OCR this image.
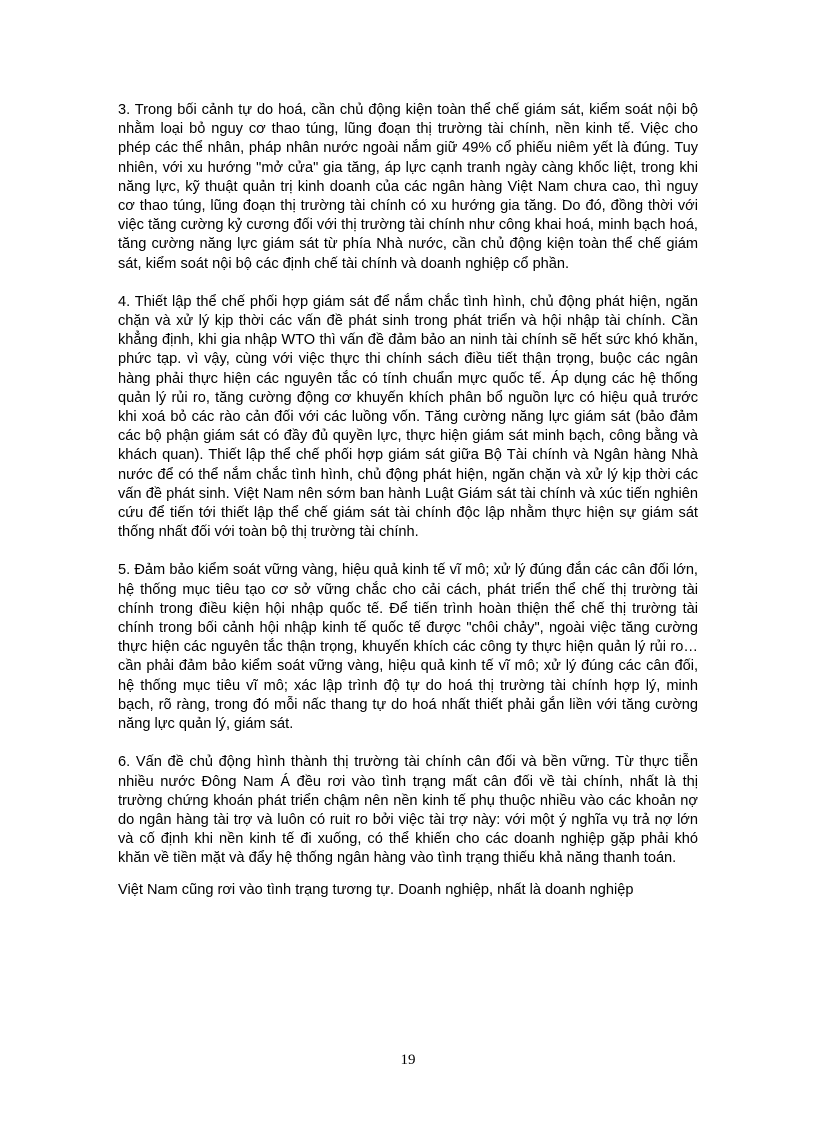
3. Trong bối cảnh tự do hoá, cần chủ động kiện toàn thể chế giám sát, kiểm soát nội bộ nhằm loại bỏ nguy cơ thao túng, lũng đoạn thị trường tài chính, nền kinh tế. Việc cho phép các thể nhân, pháp nhân nước ngoài nắm giữ 49% cổ phiếu niêm yết là đúng. Tuy nhiên, với xu hướng "mở cửa" gia tăng, áp lực cạnh tranh ngày càng khốc liệt, trong khi năng lực, kỹ thuật quản trị kinh doanh của các ngân hàng Việt Nam chưa cao, thì nguy cơ thao túng, lũng đoạn thị trường tài chính có xu hướng gia tăng. Do đó, đồng thời với việc tăng cường kỷ cương đối với thị trường tài chính như công khai hoá, minh bạch hoá, tăng cường năng lực giám sát từ phía Nhà nước, cần chủ động kiện toàn thể chế giám sát, kiểm soát nội bộ các định chế tài chính và doanh nghiệp cổ phần.

4. Thiết lập thể chế phối hợp giám sát để nắm chắc tình hình, chủ động phát hiện, ngăn chặn và xử lý kịp thời các vấn đề phát sinh trong phát triển và hội nhập tài chính. Cần khẳng định, khi gia nhập WTO thì vấn đề đảm bảo an ninh tài chính sẽ hết sức khó khăn, phức tạp. vì vậy, cùng với việc thực thi chính sách điều tiết thận trọng, buộc các ngân hàng phải thực hiện các nguyên tắc có tính chuẩn mực quốc tế. Áp dụng các hệ thống quản lý rủi ro, tăng cường động cơ khuyến khích phân bổ nguồn lực có hiệu quả trước khi xoá bỏ các rào cản đối với các luồng vốn. Tăng cường năng lực giám sát (bảo đảm các bộ phận giám sát có đầy đủ quyền lực, thực hiện giám sát minh bạch, công bằng và khách quan). Thiết lập thể chế phối hợp giám sát giữa Bộ Tài chính và Ngân hàng Nhà nước để có thể nắm chắc tình hình, chủ động phát hiện, ngăn chặn và xử lý kịp thời các vấn đề phát sinh. Việt Nam nên sớm ban hành Luật Giám sát tài chính và xúc tiến nghiên cứu để tiến tới thiết lập thể chế giám sát tài chính độc lập nhằm thực hiện sự giám sát thống nhất đối với toàn bộ thị trường tài chính.

5. Đảm bảo kiểm soát vững vàng, hiệu quả kinh tế vĩ mô; xử lý đúng đắn các cân đối lớn, hệ thống mục tiêu tạo cơ sở vững chắc cho cải cách, phát triển thể chế thị trường tài chính trong điều kiện hội nhập quốc tế. Để tiến trình hoàn thiện thể chế thị trường tài chính trong bối cảnh hội nhập kinh tế quốc tế được "chôi chảy", ngoài việc tăng cường thực hiện các nguyên tắc thận trọng, khuyến khích các công ty thực hiện quản lý rủi ro… cần phải đảm bảo kiểm soát vững vàng, hiệu quả kinh tế vĩ mô; xử lý đúng các cân đối, hệ thống mục tiêu vĩ mô; xác lập trình độ tự do hoá thị trường tài chính hợp lý, minh bạch, rõ ràng, trong đó mỗi nấc thang tự do hoá nhất thiết phải gắn liền với tăng cường năng lực quản lý, giám sát.

6. Vấn đề chủ động hình thành thị trường tài chính cân đối và bền vững. Từ thực tiễn nhiều nước Đông Nam Á đều rơi vào tình trạng mất cân đối về tài chính, nhất là thị trường chứng khoán phát triển chậm nên nền kinh tế phụ thuộc nhiều vào các khoản nợ do ngân hàng tài trợ và luôn có ruit ro bởi việc tài trợ này: với một ý nghĩa vụ trả nợ lớn và cố định khi nền kinh tế đi xuống, có thể khiến cho các doanh nghiệp gặp phải khó khăn về tiền mặt và đẩy hệ thống ngân hàng vào tình trạng thiếu khả năng thanh toán.

Việt Nam cũng rơi vào tình trạng tương tự. Doanh nghiệp, nhất là doanh nghiệp

19
